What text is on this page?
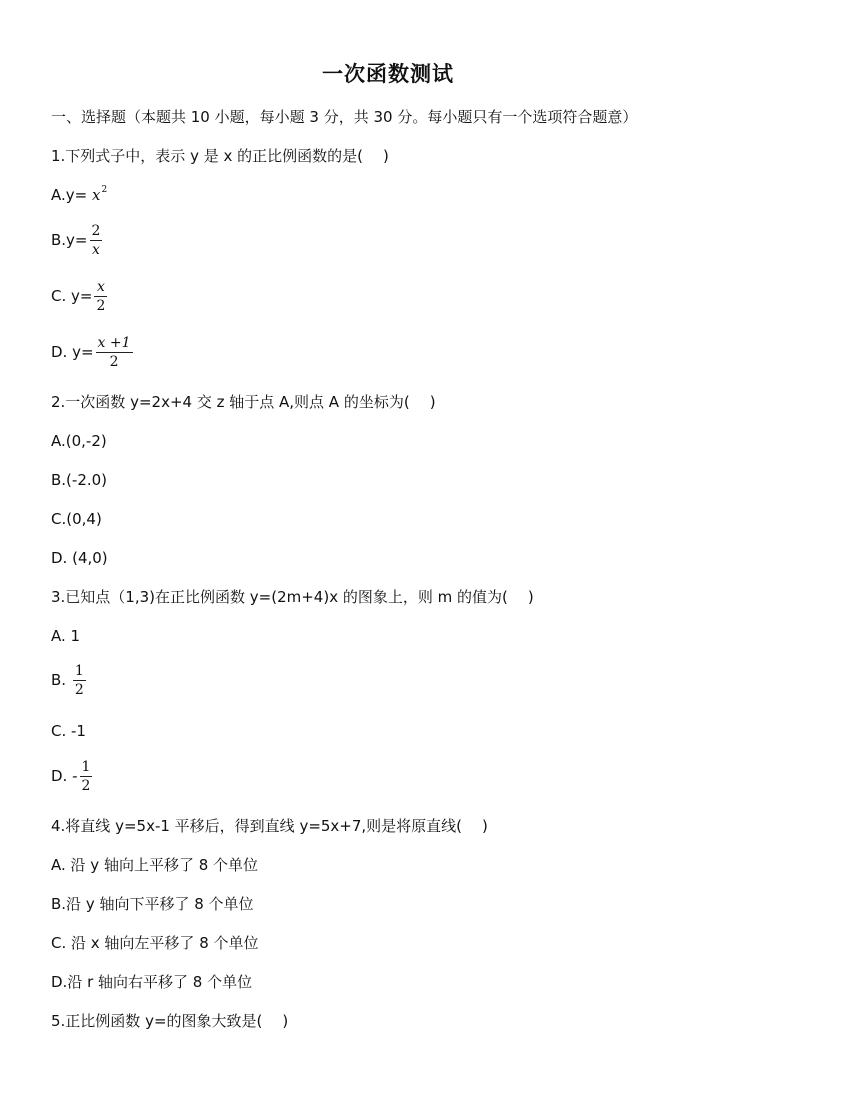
一次函数测试
一、选择题（本题共 10 小题，每小题 3 分，共 30 分。每小题只有一个选项符合题意）
1.下列式子中，表示 y 是 x 的正比例函数的是( )
$A.y= x^2$
$B.y= \frac{2}{x}$
C. $y= \frac{x}{2}$
D. $y= \frac{x +1}{2}$
2.一次函数 y=2x+4 交 z 轴于点 A,则点 A 的坐标为( )
A.(0,-2)
B.(-2.0)
C.(0,4)
D. (4,0)
3.已知点（1,3)在正比例函数 y=(2m+4)x 的图象上，则 m 的值为( )
A. 1
B. $\frac{1}{2}$
C. -1
D. - $\frac{1}{2}$
4.将直线 y=5x-1 平移后，得到直线 y=5x+7,则是将原直线( )
A. 沿 y 轴向上平移了 8 个单位
B.沿 y 轴向下平移了 8 个单位
C. 沿 x 轴向左平移了 8 个单位
D.沿 r 轴向右平移了 8 个单位
5.正比例函数 y=的图象大致是( )
